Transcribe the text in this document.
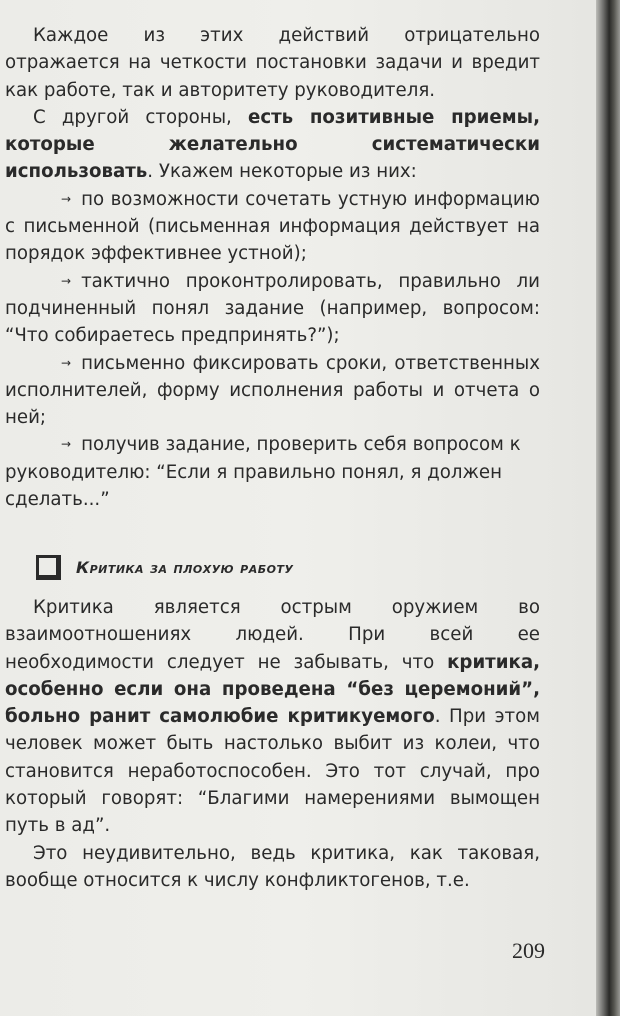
Каждое из этих действий отрицательно отражается на четкости постановки задачи и вредит как работе, так и авторитету руководителя.

С другой стороны, есть позитивные приемы, которые желательно систематически использовать. Укажем некоторые из них:

→ по возможности сочетать устную информацию с письменной (письменная информация действует на порядок эффективнее устной);

→ тактично проконтролировать, правильно ли подчиненный понял задание (например, вопросом: “Что собираетесь предпринять?”);

→ письменно фиксировать сроки, ответственных исполнителей, форму исполнения работы и отчета о ней;

→ получив задание, проверить себя вопросом к руководителю: “Если я правильно понял, я должен сделать...”

Критика за плохую работу

Критика является острым оружием во взаимоотношениях людей. При всей ее необходимости следует не забывать, что критика, особенно если она проведена “без церемоний”, больно ранит самолюбие критикуемого. При этом человек может быть настолько выбит из колеи, что становится неработоспособен. Это тот случай, про который говорят: “Благими намерениями вымощен путь в ад”.

Это неудивительно, ведь критика, как таковая, вообще относится к числу конфликтогенов, т.е.

209
